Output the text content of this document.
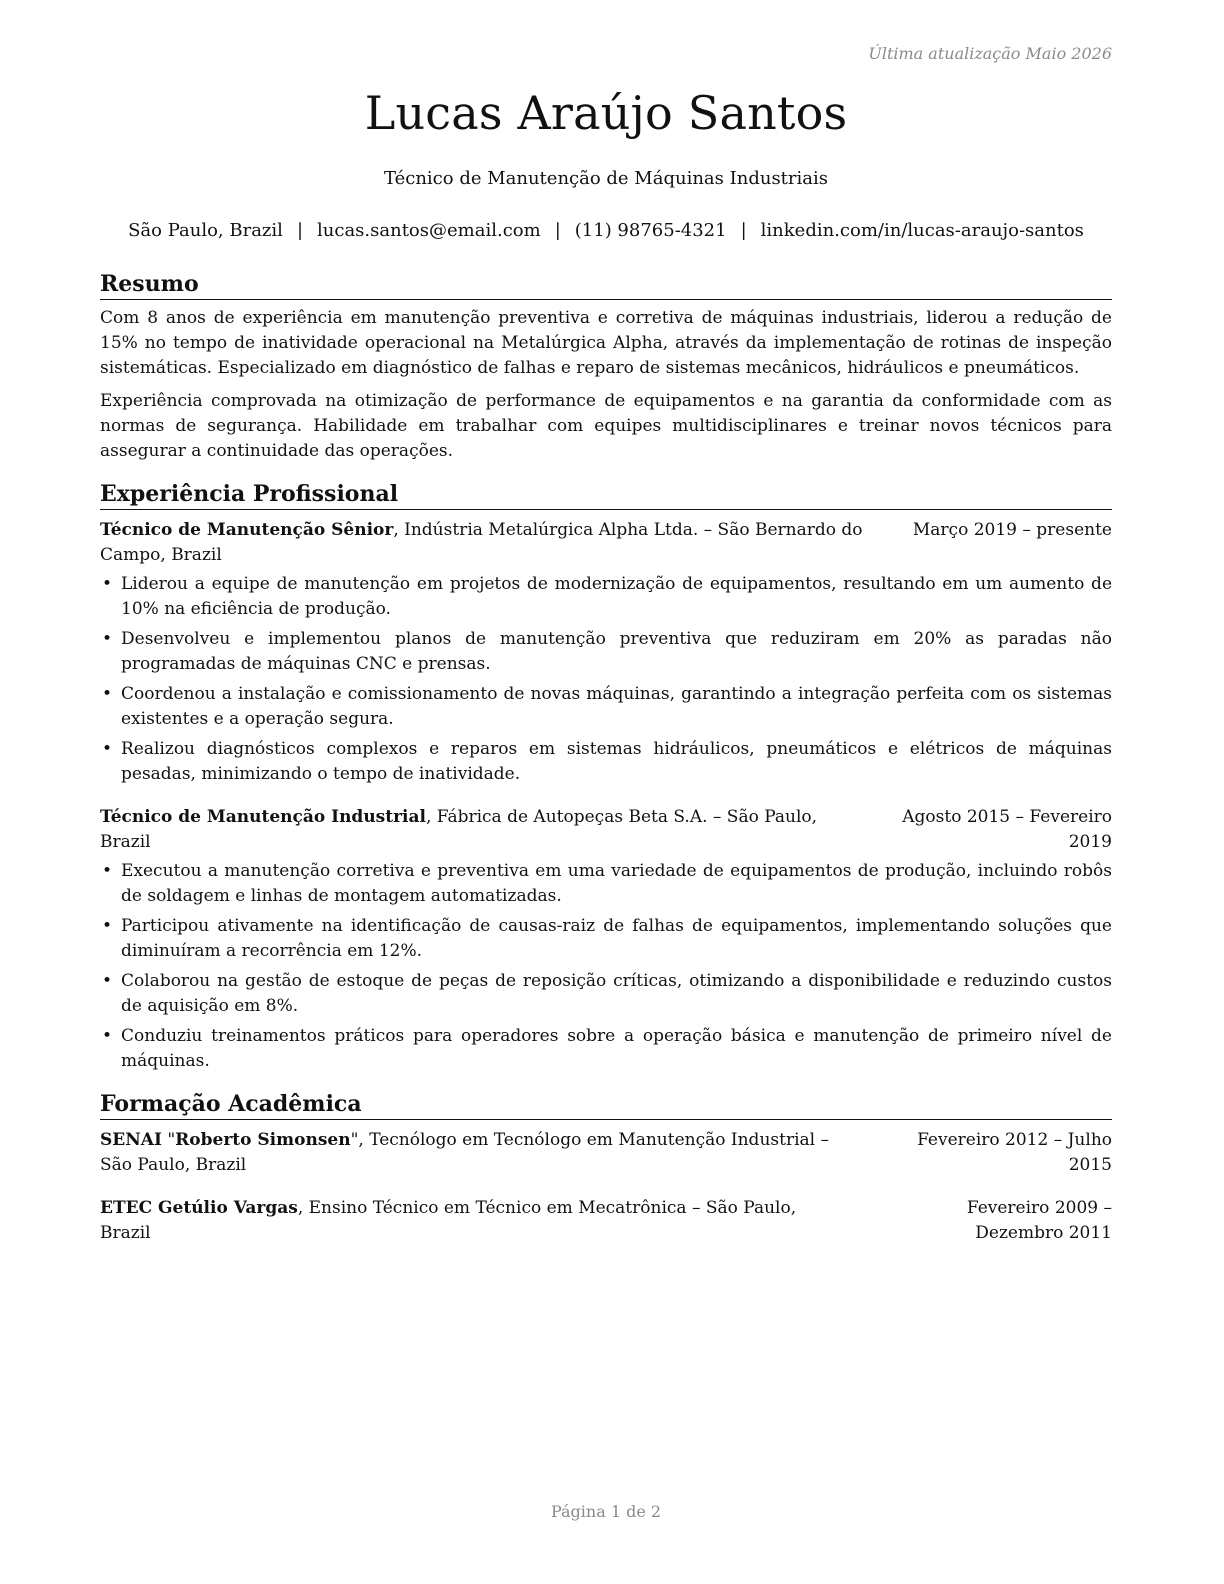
Última atualização Maio 2026
Lucas Araújo Santos
Técnico de Manutenção de Máquinas Industriais
São Paulo, Brazil | lucas.santos@email.com | (11) 98765-4321 | linkedin.com/in/lucas-araujo-santos
Resumo

Com 8 anos de experiência em manutenção preventiva e corretiva de máquinas industriais, liderou a redução de 15% no tempo de inatividade operacional na Metalúrgica Alpha, através da implementação de rotinas de inspeção sistemáticas. Especializado em diagnóstico de falhas e reparo de sistemas mecânicos, hidráulicos e pneumáticos.

Experiência comprovada na otimização de performance de equipamentos e na garantia da conformidade com as normas de segurança. Habilidade em trabalhar com equipes multidisciplinares e treinar novos técnicos para assegurar a continuidade das operações.

Experiência Profissional
Técnico de Manutenção Sênior, Indústria Metalúrgica Alpha Ltda. – São Bernardo do Campo, Brazil
Março 2019 – presente
• Liderou a equipe de manutenção em projetos de modernização de equipamentos, resultando em um aumento de 10% na eficiência de produção.
• Desenvolveu e implementou planos de manutenção preventiva que reduziram em 20% as paradas não programadas de máquinas CNC e prensas.
• Coordenou a instalação e comissionamento de novas máquinas, garantindo a integração perfeita com os sistemas existentes e a operação segura.
• Realizou diagnósticos complexos e reparos em sistemas hidráulicos, pneumáticos e elétricos de máquinas pesadas, minimizando o tempo de inatividade.
Técnico de Manutenção Industrial, Fábrica de Autopeças Beta S.A. – São Paulo, Brazil
Agosto 2015 – Fevereiro 2019
• Executou a manutenção corretiva e preventiva em uma variedade de equipamentos de produção, incluindo robôs de soldagem e linhas de montagem automatizadas.
• Participou ativamente na identificação de causas-raiz de falhas de equipamentos, implementando soluções que diminuíram a recorrência em 12%.
• Colaborou na gestão de estoque de peças de reposição críticas, otimizando a disponibilidade e reduzindo custos de aquisição em 8%.
• Conduziu treinamentos práticos para operadores sobre a operação básica e manutenção de primeiro nível de máquinas.
Formação Acadêmica
SENAI "Roberto Simonsen", Tecnólogo em Tecnólogo em Manutenção Industrial – São Paulo, Brazil
Fevereiro 2012 – Julho 2015
ETEC Getúlio Vargas, Ensino Técnico em Técnico em Mecatrônica – São Paulo, Brazil
Fevereiro 2009 – Dezembro 2011
Página 1 de 2
